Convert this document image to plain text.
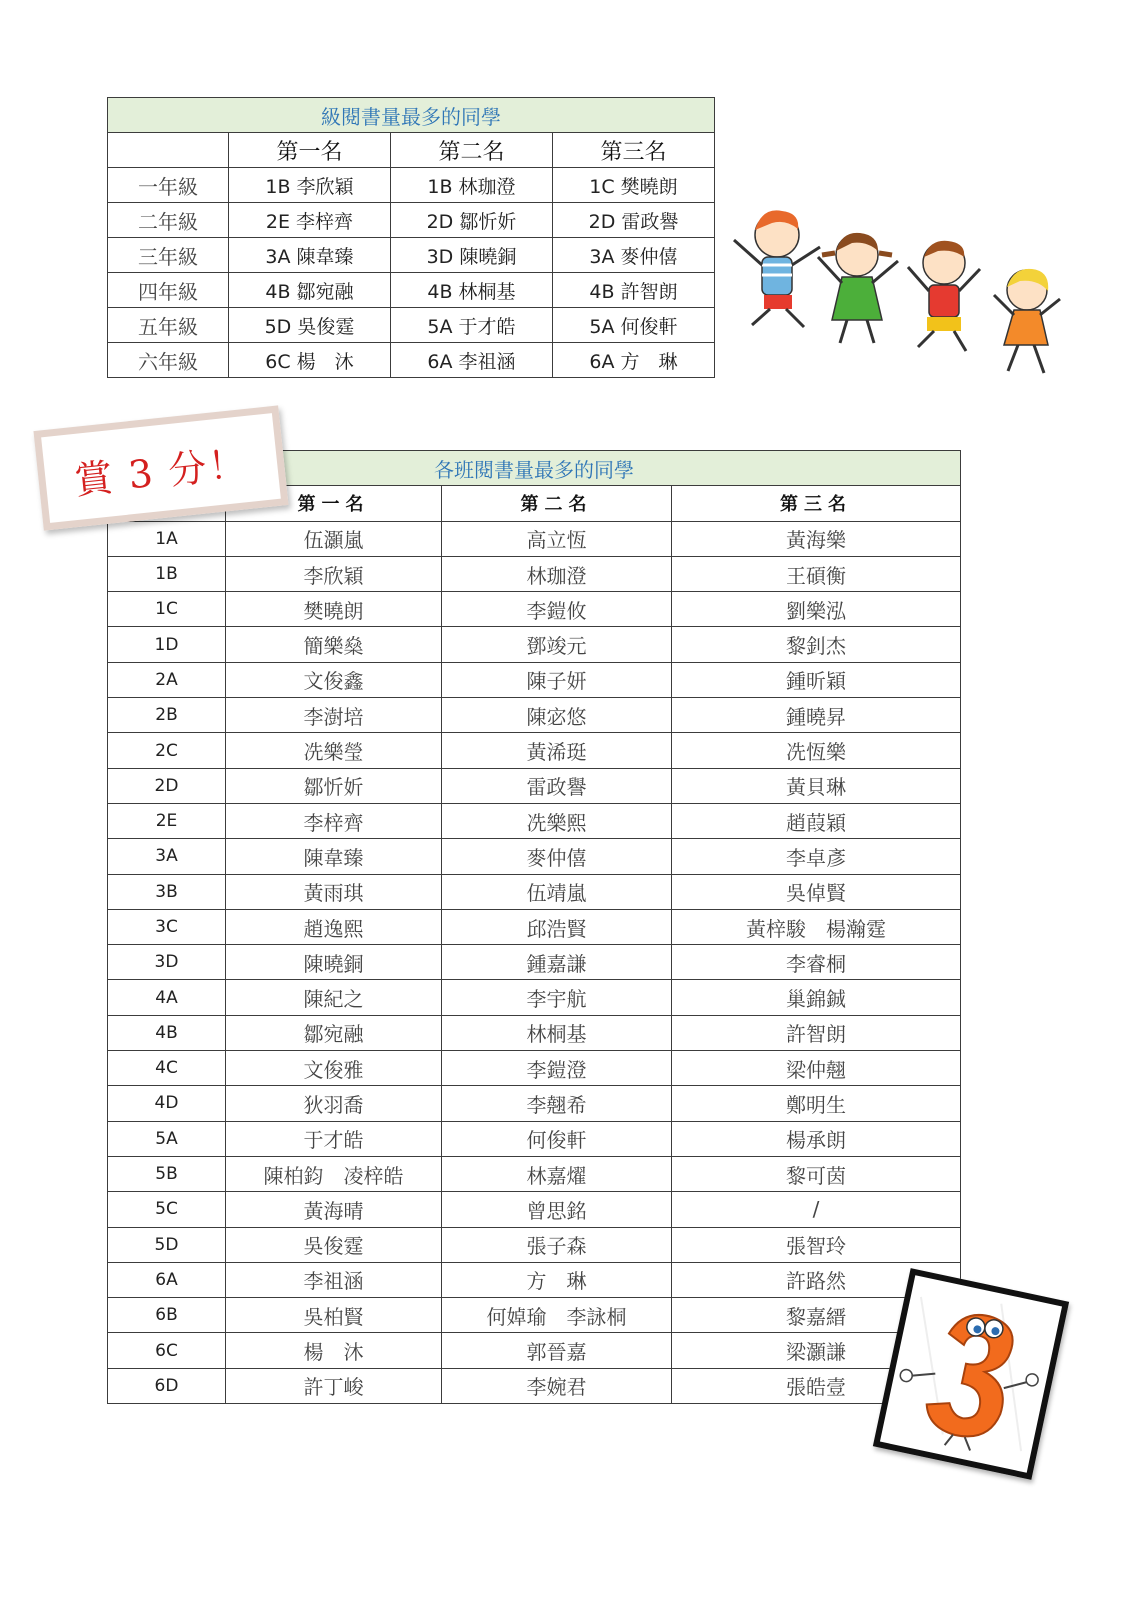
級閱書量最多的同學			
	第一名	第二名	第三名
一年級	1B 李欣穎	1B 林珈澄	1C 樊曉朗
二年級	2E 李梓齊	2D 鄒忻妡	2D 雷政譽
三年級	3A 陳韋臻	3D 陳曉銅	3A 麥仲僖
四年級	4B 鄒宛融	4B 林桐基	4B 許智朗
五年級	5D 吳俊霆	5A 于才皓	5A 何俊軒
六年級	6C 楊　沐	6A 李祖涵	6A 方　琳
各班閱書量最多的同學			
	第一名	第二名	第三名
1A	伍灝嵐	高立恆	黃海樂
1B	李欣穎	林珈澄	王碩衡
1C	樊曉朗	李鎧攸	劉樂泓
1D	簡樂燊	鄧竣元	黎釗杰
2A	文俊鑫	陳子妍	鍾昕穎
2B	李澍培	陳宓悠	鍾曉昇
2C	冼樂瑩	黃浠珽	冼恆樂
2D	鄒忻妡	雷政譽	黃貝琳
2E	李梓齊	冼樂熙	趙葭穎
3A	陳韋臻	麥仲僖	李卓彥
3B	黃雨琪	伍靖嵐	吳倬賢
3C	趙逸熙	邱浩賢	黃梓駿　楊瀚霆
3D	陳曉銅	鍾嘉謙	李睿桐
4A	陳紀之	李宇航	巢錦鋮
4B	鄒宛融	林桐基	許智朗
4C	文俊雅	李鎧澄	梁仲翹
4D	狄羽喬	李翹希	鄭明生
5A	于才皓	何俊軒	楊承朗
5B	陳柏鈞　凌梓皓	林嘉燿	黎可茵
5C	黃海晴	曾思銘	/
5D	吳俊霆	張子森	張智玲
6A	李祖涵	方　琳	許路然
6B	吳柏賢	何婥瑜　李詠桐	黎嘉縉
6C	楊　沐	郭晉嘉	梁灝謙
6D	許丁峻	李婉君	張皓壹
賞 3 分！
